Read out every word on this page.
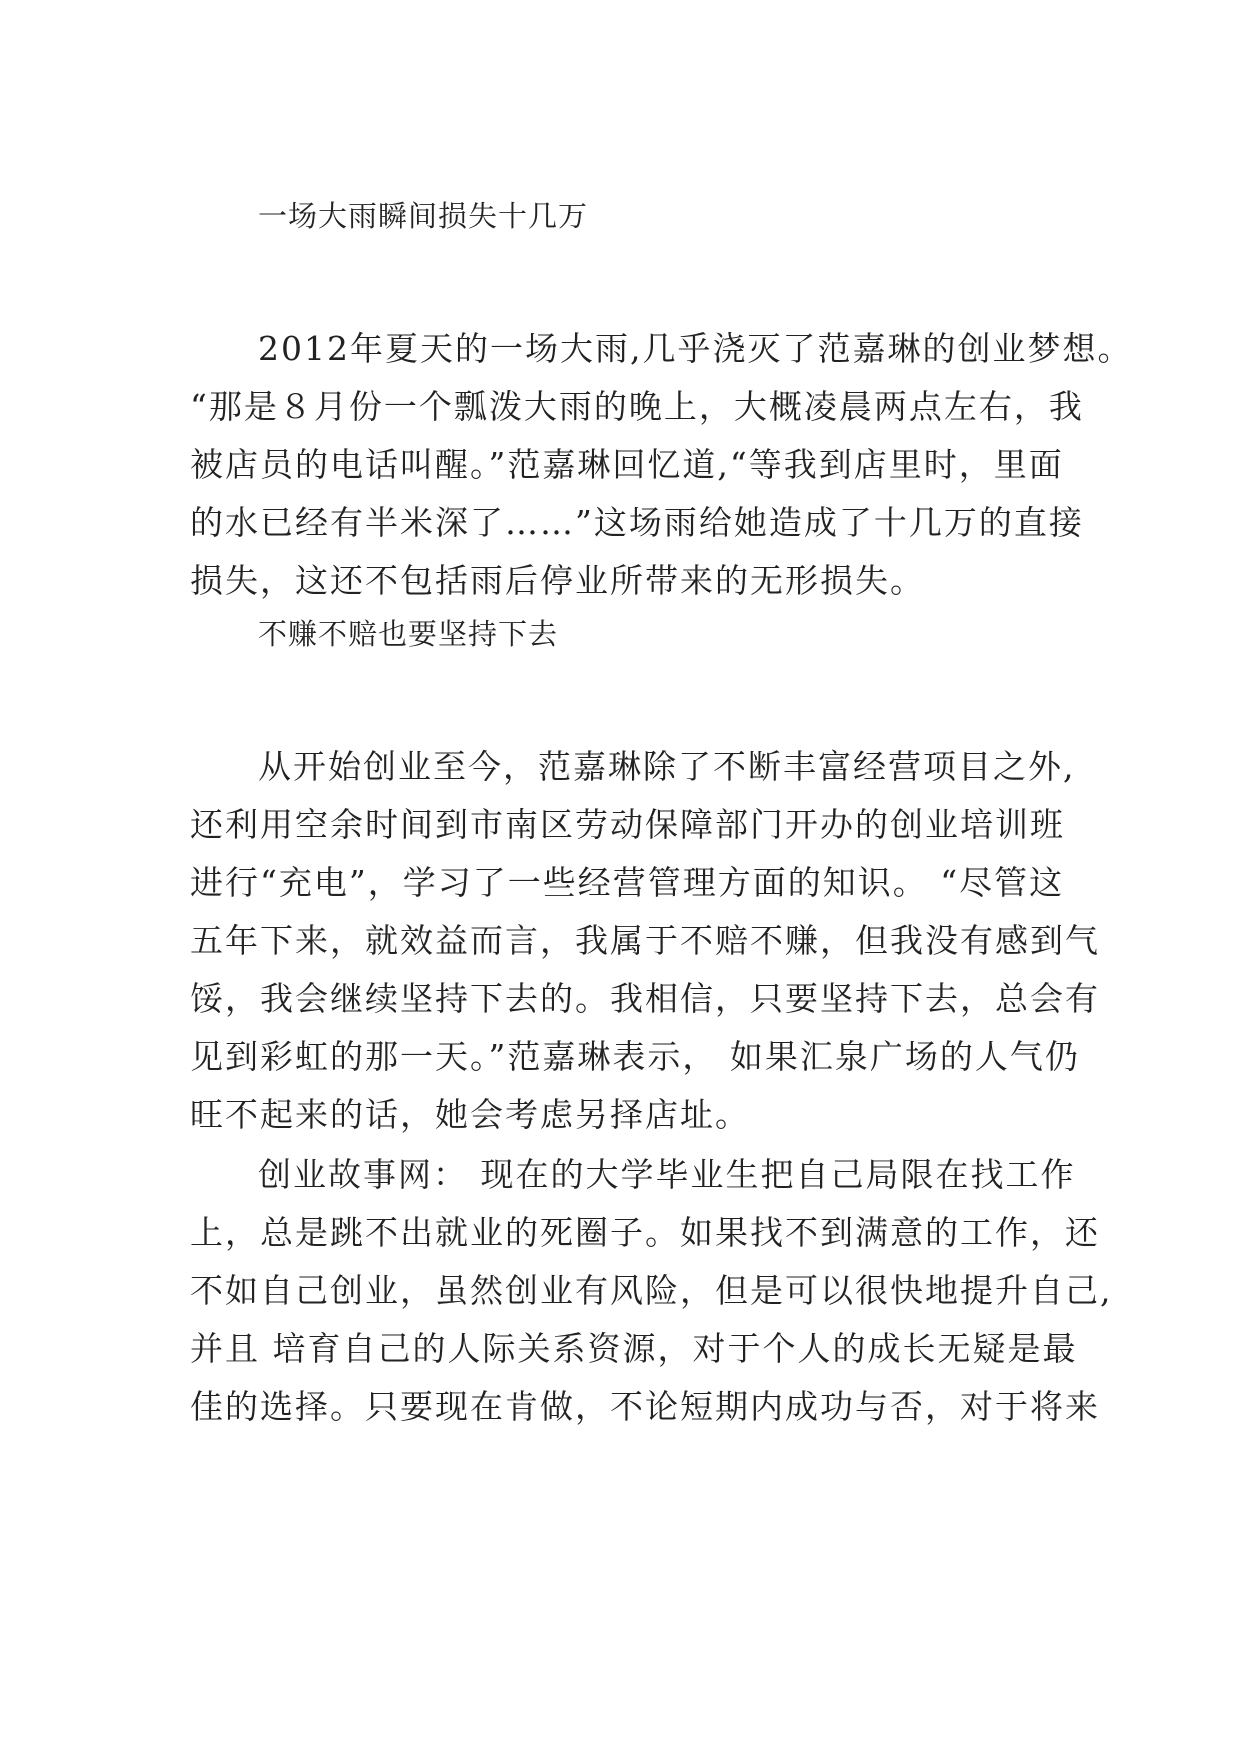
一场大雨瞬间损失十几万
2012年夏天的一场大雨,几乎浇灭了范嘉琳的创业梦想。
“那是８月份一个瓢泼大雨的晚上，大概凌晨两点左右，我
被店员的电话叫醒。”范嘉琳回忆道,“等我到店里时，里面
的水已经有半米深了……”这场雨给她造成了十几万的直接
损失，这还不包括雨后停业所带来的无形损失。
不赚不赔也要坚持下去
从开始创业至今，范嘉琳除了不断丰富经营项目之外,
还利用空余时间到市南区劳动保障部门开办的创业培训班
进行“充电”，学习了一些经营管理方面的知识。 “尽管这
五年下来，就效益而言，我属于不赔不赚，但我没有感到气
馁，我会继续坚持下去的。我相信，只要坚持下去，总会有
见到彩虹的那一天。”范嘉琳表示， 如果汇泉广场的人气仍
旺不起来的话，她会考虑另择店址。
创业故事网： 现在的大学毕业生把自己局限在找工作
上，总是跳不出就业的死圈子。如果找不到满意的工作，还
不如自己创业，虽然创业有风险，但是可以很快地提升自己,
并且 培育自己的人际关系资源，对于个人的成长无疑是最
佳的选择。只要现在肯做，不论短期内成功与否，对于将来
